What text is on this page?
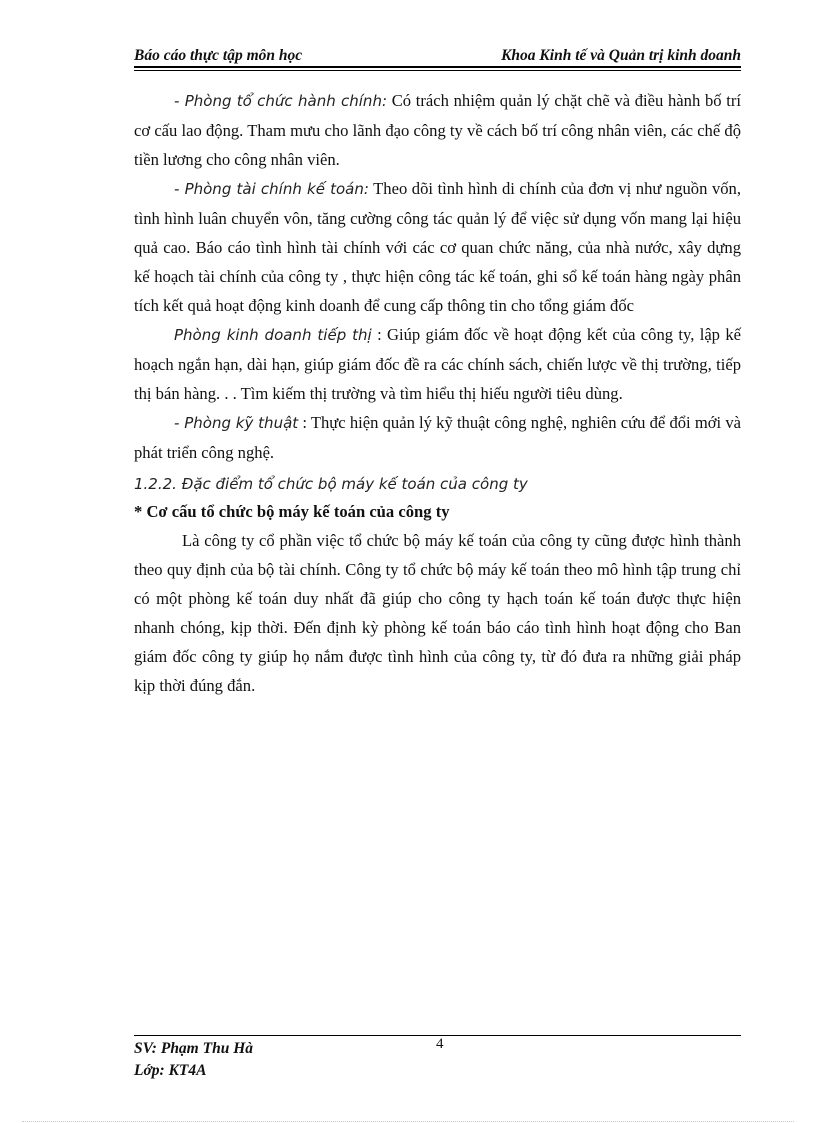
Báo cáo thực tập môn học	Khoa Kinh tế và Quản trị kinh doanh

- Phòng tổ chức hành chính: Có trách nhiệm quản lý chặt chẽ và điều hành bố trí cơ cấu lao động. Tham mưu cho lãnh đạo công ty về cách bố trí công nhân viên, các chế độ tiền lương cho công nhân viên.

- Phòng tài chính kế toán: Theo dõi tình hình di chính của đơn vị như nguồn vốn, tình hình luân chuyển vôn, tăng cường công tác quản lý để việc sử dụng vốn mang lại hiệu quả cao. Báo cáo tình hình tài chính với các cơ quan chức năng, của nhà nước, xây dựng kế hoạch tài chính của công ty , thực hiện công tác kế toán, ghi sổ kế toán hàng ngày phân tích kết quả hoạt động kinh doanh để cung cấp thông tin cho tổng giám đốc

Phòng kinh doanh tiếp thị : Giúp giám đốc về hoạt động kết của công ty, lập kế hoạch ngắn hạn, dài hạn, giúp giám đốc đề ra các chính sách, chiến lược về thị trường, tiếp thị bán hàng. . . Tìm kiếm thị trường và tìm hiểu thị hiếu người tiêu dùng.

- Phòng kỹ thuật : Thực hiện quản lý kỹ thuật công nghệ, nghiên cứu để đổi mới và phát triển công nghệ.

1.2.2. Đặc điểm tổ chức bộ máy kế toán của công ty

* Cơ cấu tổ chức bộ máy kế toán của công ty

Là công ty cổ phần việc tổ chức bộ máy kế toán của công ty cũng được hình thành theo quy định của bộ tài chính. Công ty tổ chức bộ máy kế toán theo mô hình tập trung chỉ có một phòng kế toán duy nhất đã giúp cho công ty hạch toán kế toán được thực hiện nhanh chóng, kịp thời. Đến định kỳ phòng kế toán báo cáo tình hình hoạt động cho Ban giám đốc công ty giúp họ nắm được tình hình của công ty, từ đó đưa ra những giải pháp kịp thời đúng đắn.

SV: Phạm Thu Hà
Lớp: KT4A
4
